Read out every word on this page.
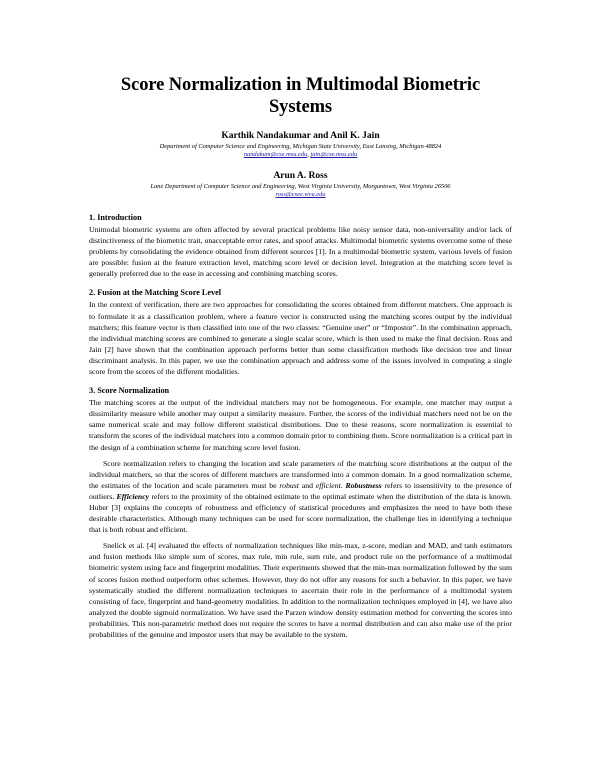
Score Normalization in Multimodal Biometric Systems
Karthik Nandakumar and Anil K. Jain
Department of Computer Science and Engineering, Michigan State University, East Lansing, Michigan 48824
nandakum@cse.msu.edu, jain@cse.msu.edu
Arun A. Ross
Lane Department of Computer Science and Engineering, West Virginia University, Morgantown, West Virginia 26506
ross@csee.wvu.edu
1. Introduction

Unimodal biometric systems are often affected by several practical problems like noisy sensor data, non-universality and/or lack of distinctiveness of the biometric trait, unacceptable error rates, and spoof attacks. Multimodal biometric systems overcome some of these problems by consolidating the evidence obtained from different sources [1]. In a multimodal biometric system, various levels of fusion are possible: fusion at the feature extraction level, matching score level or decision level. Integration at the matching score level is generally preferred due to the ease in accessing and combining matching scores.

2. Fusion at the Matching Score Level

In the context of verification, there are two approaches for consolidating the scores obtained from different matchers. One approach is to formulate it as a classification problem, where a feature vector is constructed using the matching scores output by the individual matchers; this feature vector is then classified into one of the two classes: “Genuine user” or “Impostor”. In the combination approach, the individual matching scores are combined to generate a single scalar score, which is then used to make the final decision. Ross and Jain [2] have shown that the combination approach performs better than some classification methods like decision tree and linear discriminant analysis. In this paper, we use the combination approach and address some of the issues involved in computing a single score from the scores of the different modalities.

3. Score Normalization

The matching scores at the output of the individual matchers may not be homogeneous. For example, one matcher may output a dissimilarity measure while another may output a similarity measure. Further, the scores of the individual matchers need not be on the same numerical scale and may follow different statistical distributions. Due to these reasons, score normalization is essential to transform the scores of the individual matchers into a common domain prior to combining them. Score normalization is a critical part in the design of a combination scheme for matching score level fusion.

Score normalization refers to changing the location and scale parameters of the matching score distributions at the output of the individual matchers, so that the scores of different matchers are transformed into a common domain. In a good normalization scheme, the estimates of the location and scale parameters must be robust and efficient. Robustness refers to insensitivity to the presence of outliers. Efficiency refers to the proximity of the obtained estimate to the optimal estimate when the distribution of the data is known. Huber [3] explains the concepts of robustness and efficiency of statistical procedures and emphasizes the need to have both these desirable characteristics. Although many techniques can be used for score normalization, the challenge lies in identifying a technique that is both robust and efficient.

Snelick et al. [4] evaluated the effects of normalization techniques like min-max, z-score, median and MAD, and tanh estimators and fusion methods like simple sum of scores, max rule, min rule, sum rule, and product rule on the performance of a multimodal biometric system using face and fingerprint modalities. Their experiments showed that the min-max normalization followed by the sum of scores fusion method outperform other schemes. However, they do not offer any reasons for such a behavior. In this paper, we have systematically studied the different normalization techniques to ascertain their role in the performance of a multimodal system consisting of face, fingerprint and hand-geometry modalities. In addition to the normalization techniques employed in [4], we have also analyzed the double sigmoid normalization. We have used the Parzen window density estimation method for converting the scores into probabilities. This non-parametric method does not require the scores to have a normal distribution and can also make use of the prior probabilities of the genuine and impostor users that may be available to the system.
